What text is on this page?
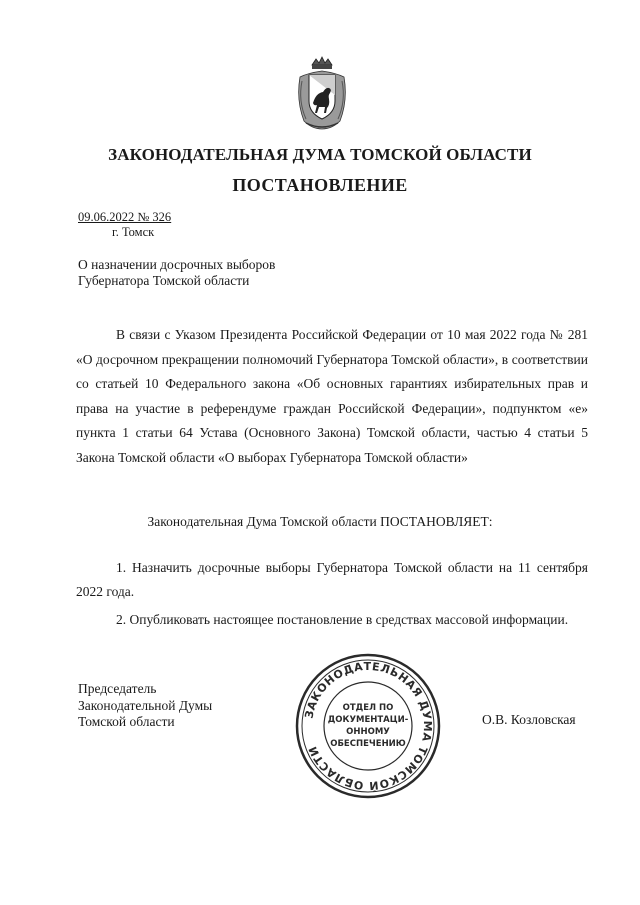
ЗАКОНОДАТЕЛЬНАЯ ДУМА ТОМСКОЙ ОБЛАСТИ
ПОСТАНОВЛЕНИЕ
09.06.2022 № 326
г. Томск
О назначении досрочных выборов
Губернатора Томской области

В связи с Указом Президента Российской Федерации от 10 мая 2022 года № 281 «О досрочном прекращении полномочий Губернатора Томской области», в соответствии со статьей 10 Федерального закона «Об основных гарантиях избирательных прав и права на участие в референдуме граждан Российской Федерации», подпунктом «е» пункта 1 статьи 64 Устава (Основного Закона) Томской области, частью 4 статьи 5 Закона Томской области «О выборах Губернатора Томской области»

Законодательная Дума Томской области ПОСТАНОВЛЯЕТ:

1. Назначить досрочные выборы Губернатора Томской области на 11 сентября 2022 года.

2. Опубликовать настоящее постановление в средствах массовой информации.

Председатель
Законодательной Думы
Томской области	О.В. Козловская
ЗАКОНОДАТЕЛЬНАЯ ДУМА ТОМСКОЙ ОБЛАСТИ
ОТДЕЛ ПО
ДОКУМЕНТАЦИ-
ОННОМУ
ОБЕСПЕЧЕНИЮ
